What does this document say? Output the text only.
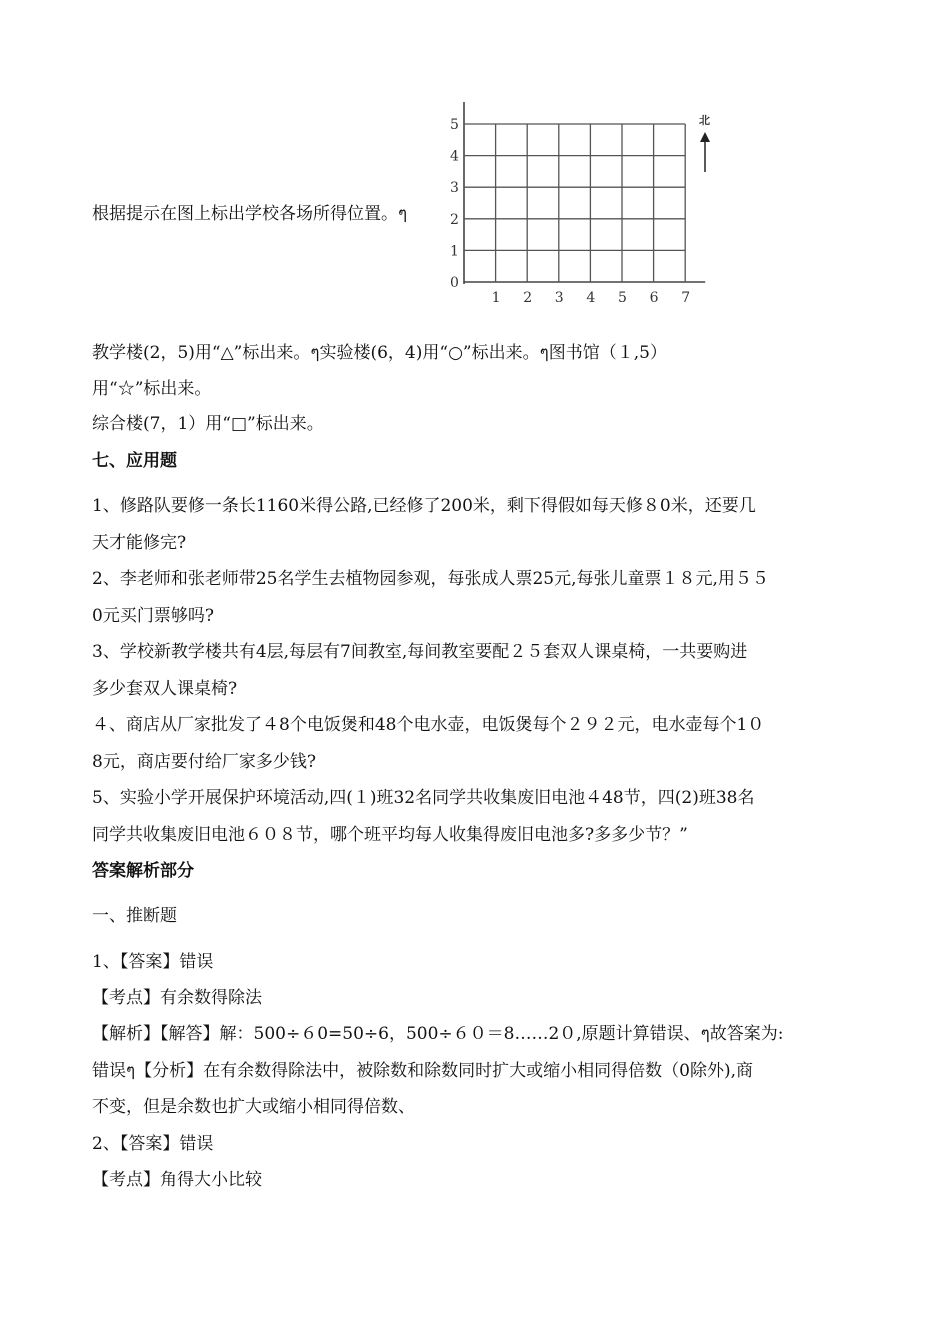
0
1 2 3 4 5 6 7
1
2
3
4
5	北
根据提示在图上标出学校各场所得位置。ๆ
教学楼(2，5)用“△”标出来。ๆ实验楼(6，4)用“○”标出来。ๆ图书馆（１,5）
用“☆”标出来。
综合楼(7，1）用“□”标出来。
七、应用题
1、修路队要修一条长1160米得公路,已经修了200米，剩下得假如每天修８0米，还要几
天才能修完?
2、李老师和张老师带25名学生去植物园参观，每张成人票25元,每张儿童票１８元,用５５
0元买门票够吗?
3、学校新教学楼共有4层,每层有7间教室,每间教室要配２５套双人课桌椅，一共要购进
多少套双人课桌椅?
４、商店从厂家批发了４8个电饭煲和48个电水壶，电饭煲每个２９２元，电水壶每个1０
8元，商店要付给厂家多少钱?
5、实验小学开展保护环境活动,四(１)班32名同学共收集废旧电池４48节，四(2)班38名
同学共收集废旧电池６０８节，哪个班平均每人收集得废旧电池多?多多少节？”
答案解析部分
一、推断题
1、【答案】错误
【考点】有余数得除法
【解析】【解答】解：500÷６0=50÷6，500÷６０＝8……2０,原题计算错误、ๆ故答案为:
错误ๆ【分析】在有余数得除法中，被除数和除数同时扩大或缩小相同得倍数（0除外),商
不变，但是余数也扩大或缩小相同得倍数、
2、【答案】错误
【考点】角得大小比较
